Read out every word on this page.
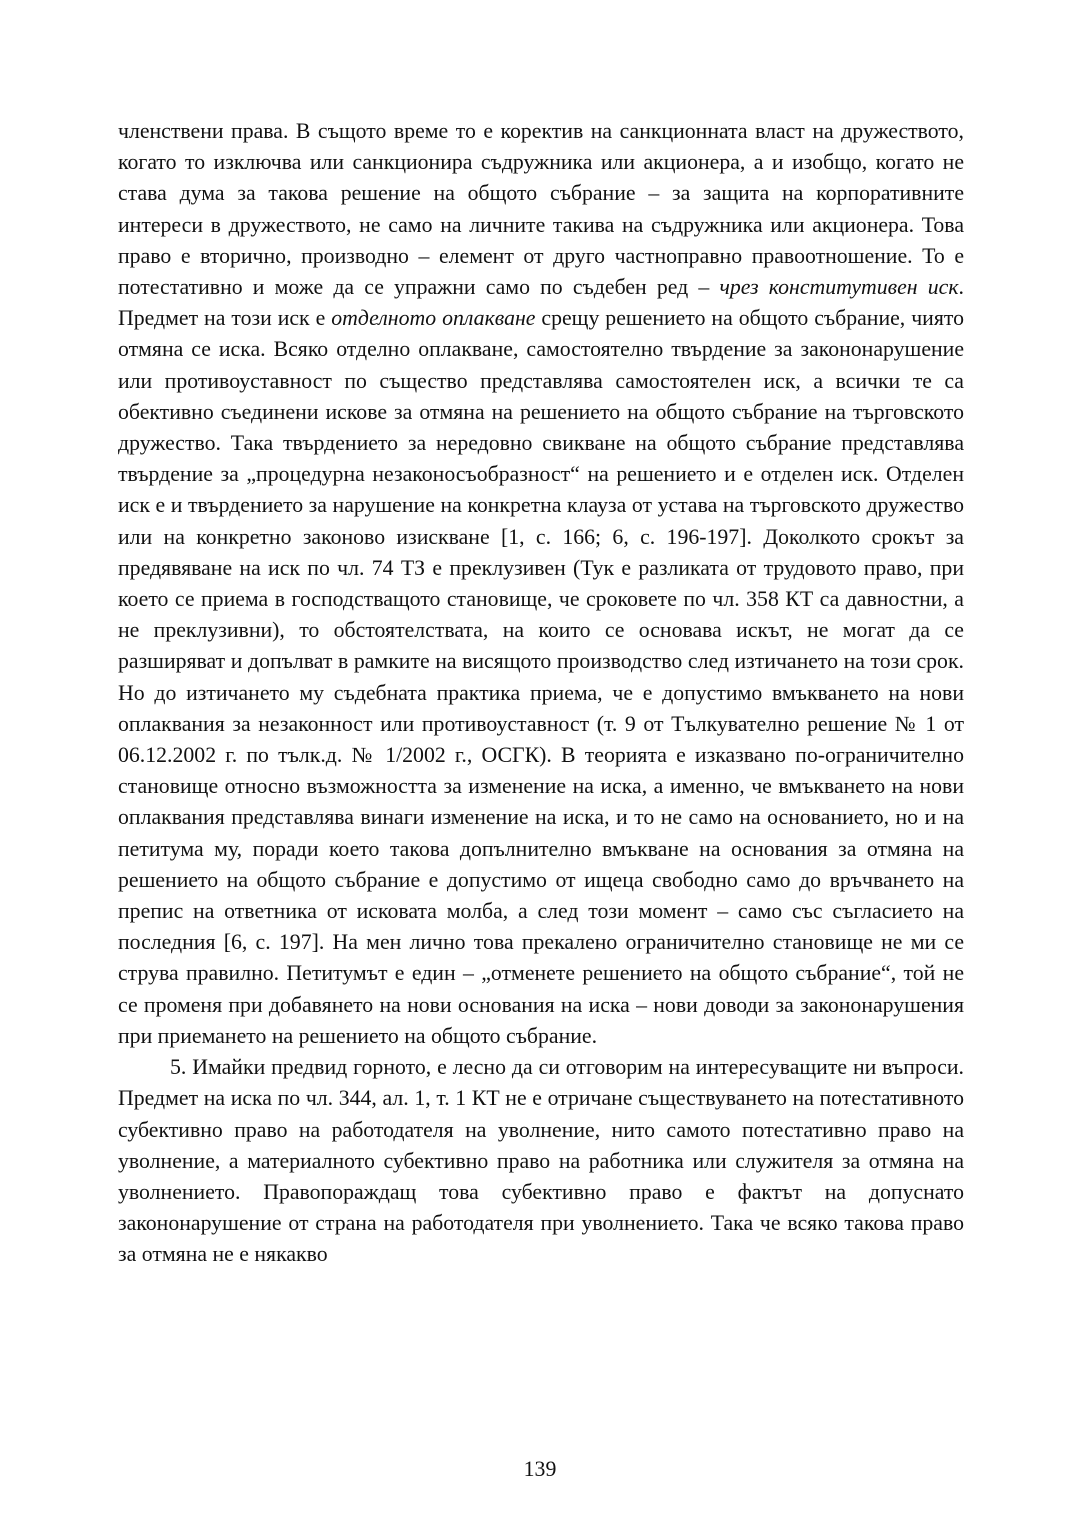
членствени права. В същото време то е коректив на санкционната власт на дружеството, когато то изключва или санкционира съдружника или акционера, а и изобщо, когато не става дума за такова решение на общото събрание – за защита на корпоративните интереси в дружеството, не само на личните такива на съдружника или акционера. Това право е вторично, производно – елемент от друго частноправно правоотношение. То е потестативно и може да се упражни само по съдебен ред – чрез конститутивен иск. Предмет на този иск е отделното оплакване срещу решението на общото събрание, чиято отмяна се иска. Всяко отделно оплакване, самостоятелно твърдение за закононарушение или противоуставност по същество представлява самостоятелен иск, а всички те са обективно съединени искове за отмяна на решението на общото събрание на търговското дружество. Така твърдението за нередовно свикване на общото събрание представлява твърдение за „процедурна незаконосъобразност“ на решението и е отделен иск. Отделен иск е и твърдението за нарушение на конкретна клауза от устава на търговското дружество или на конкретно законово изискване [1, с. 166; 6, с. 196-197]. Доколкото срокът за предявяване на иск по чл. 74 ТЗ е преклузивен (Тук е разликата от трудовото право, при което се приема в господстващото становище, че сроковете по чл. 358 КТ са давностни, а не преклузивни), то обстоятелствата, на които се основава искът, не могат да се разширяват и допълват в рамките на висящото производство след изтичането на този срок. Но до изтичането му съдебната практика приема, че е допустимо вмъкването на нови оплаквания за незаконност или противоуставност (т. 9 от Тълкувателно решение № 1 от 06.12.2002 г. по тълк.д. № 1/2002 г., ОСГК). В теорията е изказвано по-ограничително становище относно възможността за изменение на иска, а именно, че вмъкването на нови оплаквания представлява винаги изменение на иска, и то не само на основанието, но и на петитума му, поради което такова допълнително вмъкване на основания за отмяна на решението на общото събрание е допустимо от ищеца свободно само до връчването на препис на ответника от исковата молба, а след този момент – само със съгласието на последния [6, с. 197]. На мен лично това прекалено ограничително становище не ми се струва правилно. Петитумът е един – „отменете решението на общото събрание“, той не се променя при добавянето на нови основания на иска – нови доводи за закононарушения при приемането на решението на общото събрание.

5. Имайки предвид горното, е лесно да си отговорим на интересуващите ни въпроси. Предмет на иска по чл. 344, ал. 1, т. 1 КТ не е отричане съществуването на потестативното субективно право на работодателя на уволнение, нито самото потестативно право на уволнение, а материалното субективно право на работника или служителя за отмяна на уволнението. Правопораждащ това субективно право е фактът на допуснато закононарушение от страна на работодателя при уволнението. Така че всяко такова право за отмяна не е някакво

139
